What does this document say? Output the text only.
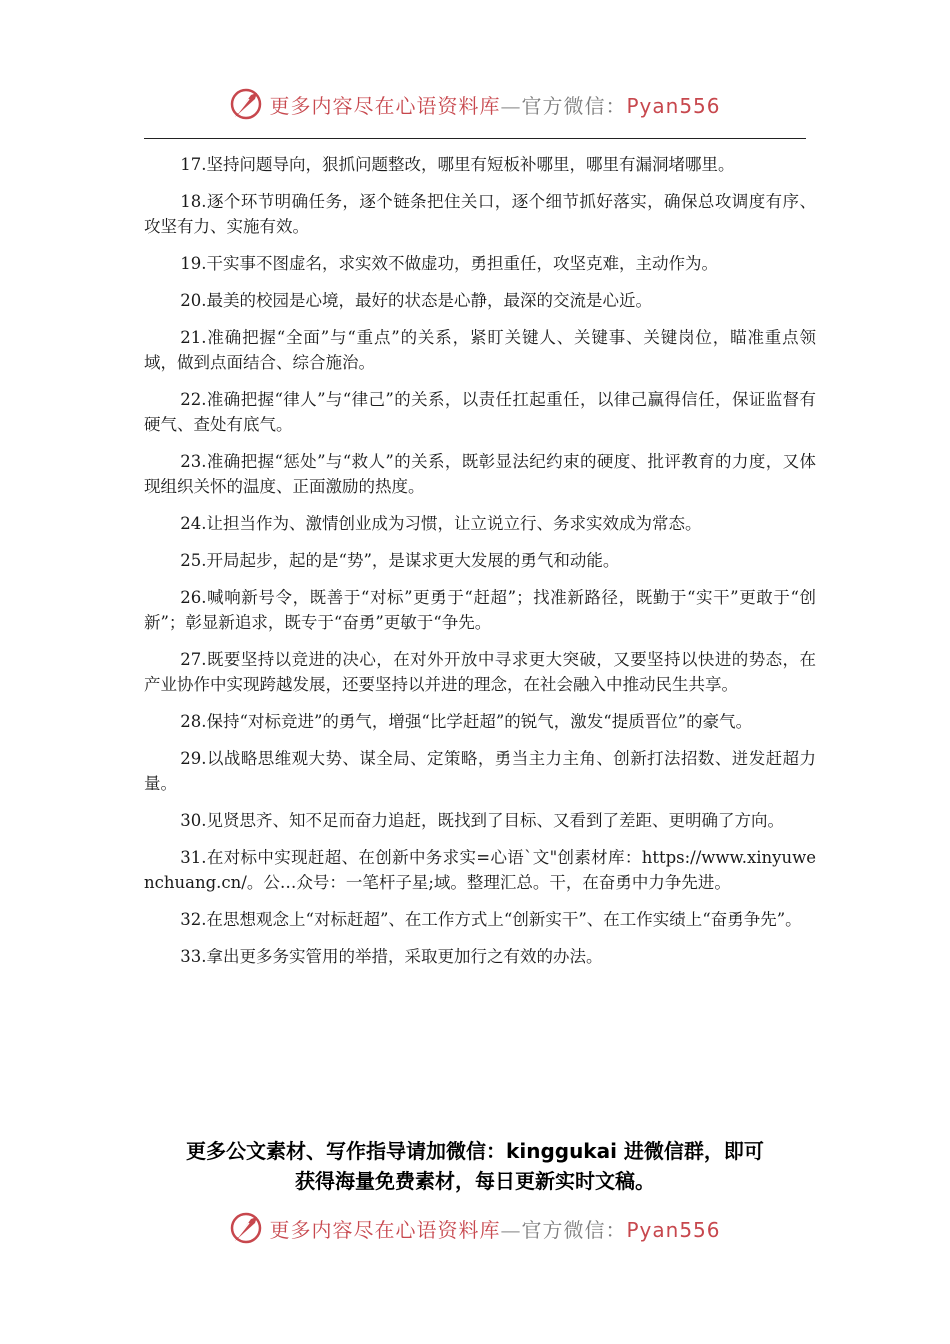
更多内容尽在心语资料库—官方微信：Pyan556

17.坚持问题导向，狠抓问题整改，哪里有短板补哪里，哪里有漏洞堵哪里。

18.逐个环节明确任务，逐个链条把住关口，逐个细节抓好落实，确保总攻调度有序、攻坚有力、实施有效。

19.干实事不图虚名，求实效不做虚功，勇担重任，攻坚克难，主动作为。

20.最美的校园是心境，最好的状态是心静，最深的交流是心近。

21.准确把握“全面”与“重点”的关系，紧盯关键人、关键事、关键岗位，瞄准重点领域，做到点面结合、综合施治。

22.准确把握“律人”与“律己”的关系，以责任扛起重任，以律己赢得信任，保证监督有硬气、查处有底气。

23.准确把握“惩处”与“救人”的关系，既彰显法纪约束的硬度、批评教育的力度，又体现组织关怀的温度、正面激励的热度。

24.让担当作为、激情创业成为习惯，让立说立行、务求实效成为常态。

25.开局起步，起的是“势”，是谋求更大发展的勇气和动能。

26.喊响新号令，既善于“对标”更勇于“赶超”；找准新路径，既勤于“实干”更敢于“创新”；彰显新追求，既专于“奋勇”更敏于“争先。

27.既要坚持以竞进的决心，在对外开放中寻求更大突破，又要坚持以快进的势态，在产业协作中实现跨越发展，还要坚持以并进的理念，在社会融入中推动民生共享。

28.保持“对标竞进”的勇气，增强“比学赶超”的锐气，激发“提质晋位”的豪气。

29.以战略思维观大势、谋全局、定策略，勇当主力主角、创新打法招数、迸发赶超力量。

30.见贤思齐、知不足而奋力追赶，既找到了目标、又看到了差距、更明确了方向。

31.在对标中实现赶超、在创新中务求实=心语`文"创素材库：https://www.xinyuwenchuang.cn/。公…众号：一笔杆子星;域。整理汇总。干，在奋勇中力争先进。

32.在思想观念上“对标赶超”、在工作方式上“创新实干”、在工作实绩上“奋勇争先”。

33.拿出更多务实管用的举措，采取更加行之有效的办法。

更多公文素材、写作指导请加微信：kinggukai 进微信群，即可
获得海量免费素材，每日更新实时文稿。
更多内容尽在心语资料库—官方微信：Pyan556
